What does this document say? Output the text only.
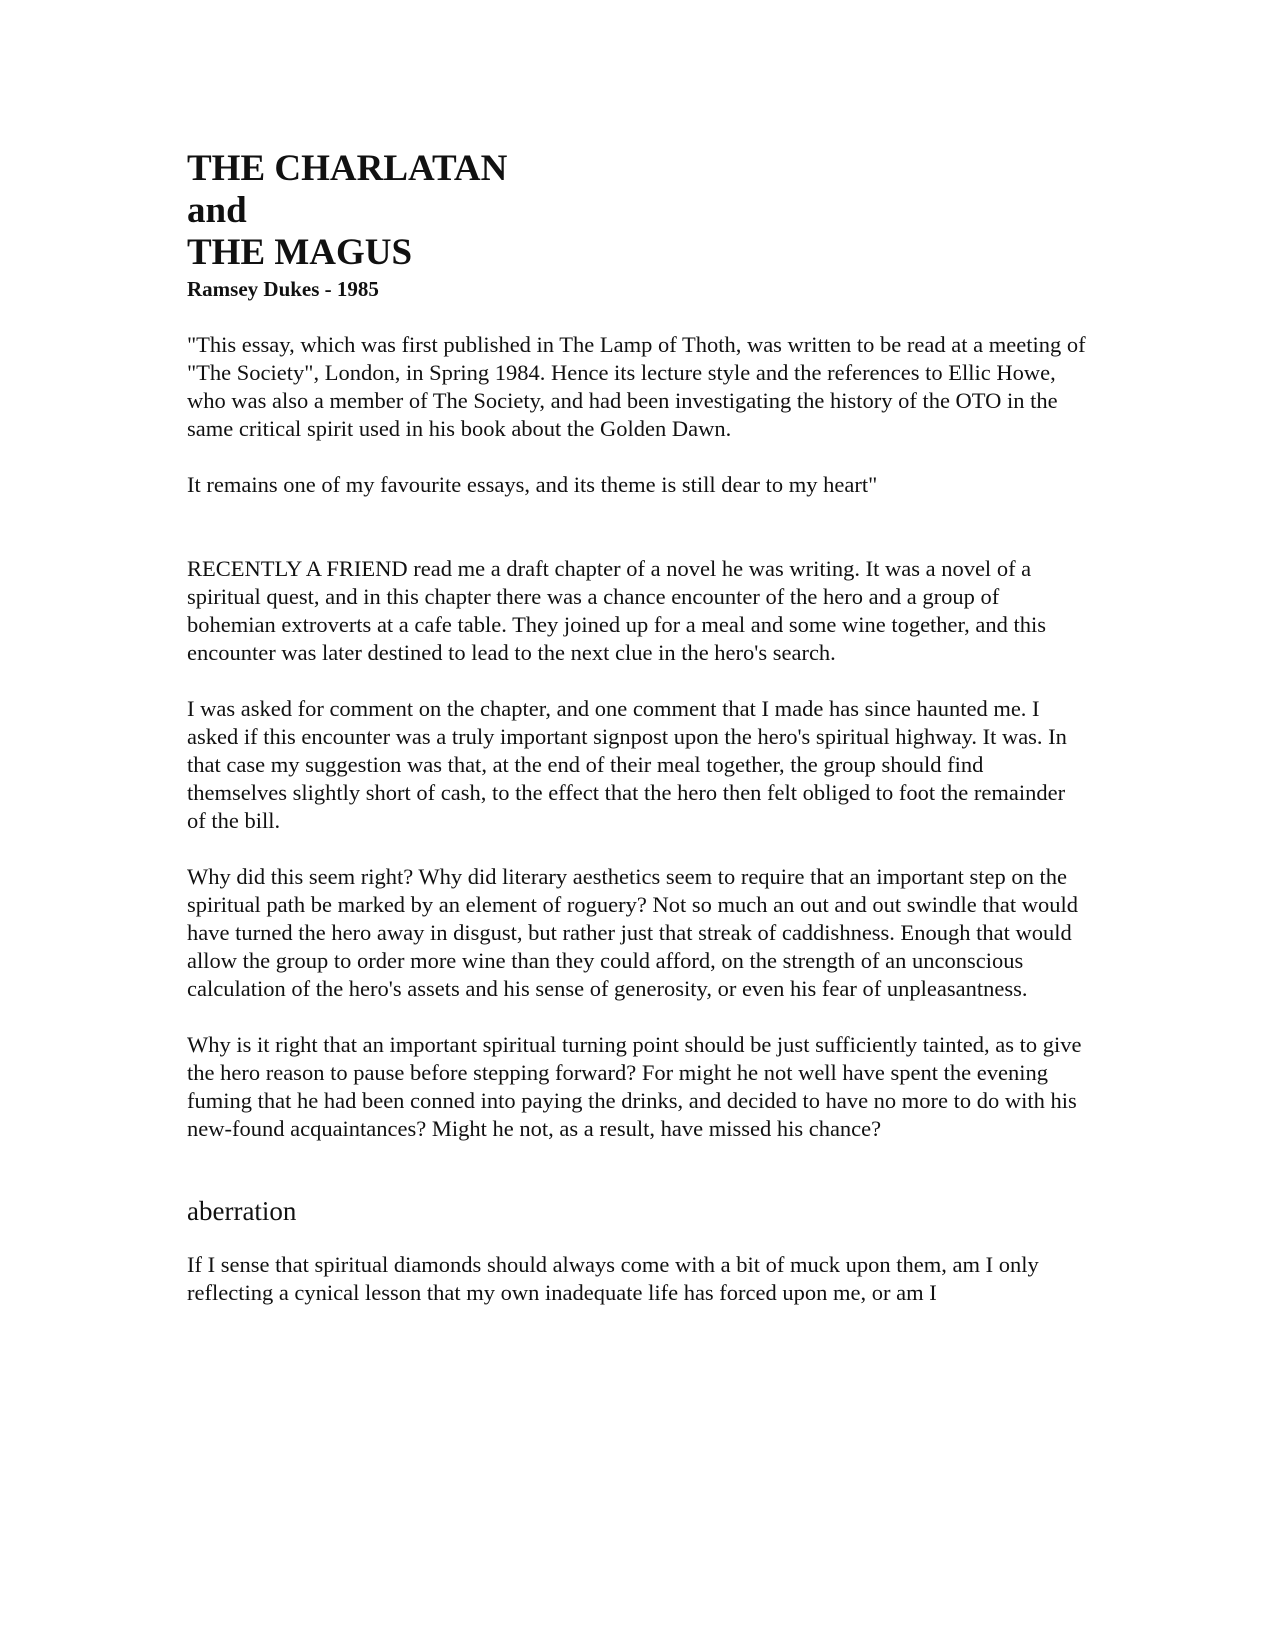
THE CHARLATAN

and

THE MAGUS

Ramsey Dukes - 1985

"This essay, which was first published in The Lamp of Thoth, was written to be read at a meeting of "The Society", London, in Spring 1984. Hence its lecture style and the references to Ellic Howe, who was also a member of The Society, and had been investigating the history of the OTO in the same critical spirit used in his book about the Golden Dawn.

It remains one of my favourite essays, and its theme is still dear to my heart"

RECENTLY A FRIEND read me a draft chapter of a novel he was writing. It was a novel of a spiritual quest, and in this chapter there was a chance encounter of the hero and a group of bohemian extroverts at a cafe table. They joined up for a meal and some wine together, and this encounter was later destined to lead to the next clue in the hero's search.

I was asked for comment on the chapter, and one comment that I made has since haunted me. I asked if this encounter was a truly important signpost upon the hero's spiritual highway. It was. In that case my suggestion was that, at the end of their meal together, the group should find themselves slightly short of cash, to the effect that the hero then felt obliged to foot the remainder of the bill.

Why did this seem right? Why did literary aesthetics seem to require that an important step on the spiritual path be marked by an element of roguery? Not so much an out and out swindle that would have turned the hero away in disgust, but rather just that streak of caddishness. Enough that would allow the group to order more wine than they could afford, on the strength of an unconscious calculation of the hero's assets and his sense of generosity, or even his fear of unpleasantness.

Why is it right that an important spiritual turning point should be just sufficiently tainted, as to give the hero reason to pause before stepping forward? For might he not well have spent the evening fuming that he had been conned into paying the drinks, and decided to have no more to do with his new-found acquaintances? Might he not, as a result, have missed his chance?

aberration

If I sense that spiritual diamonds should always come with a bit of muck upon them, am I only reflecting a cynical lesson that my own inadequate life has forced upon me, or am I
